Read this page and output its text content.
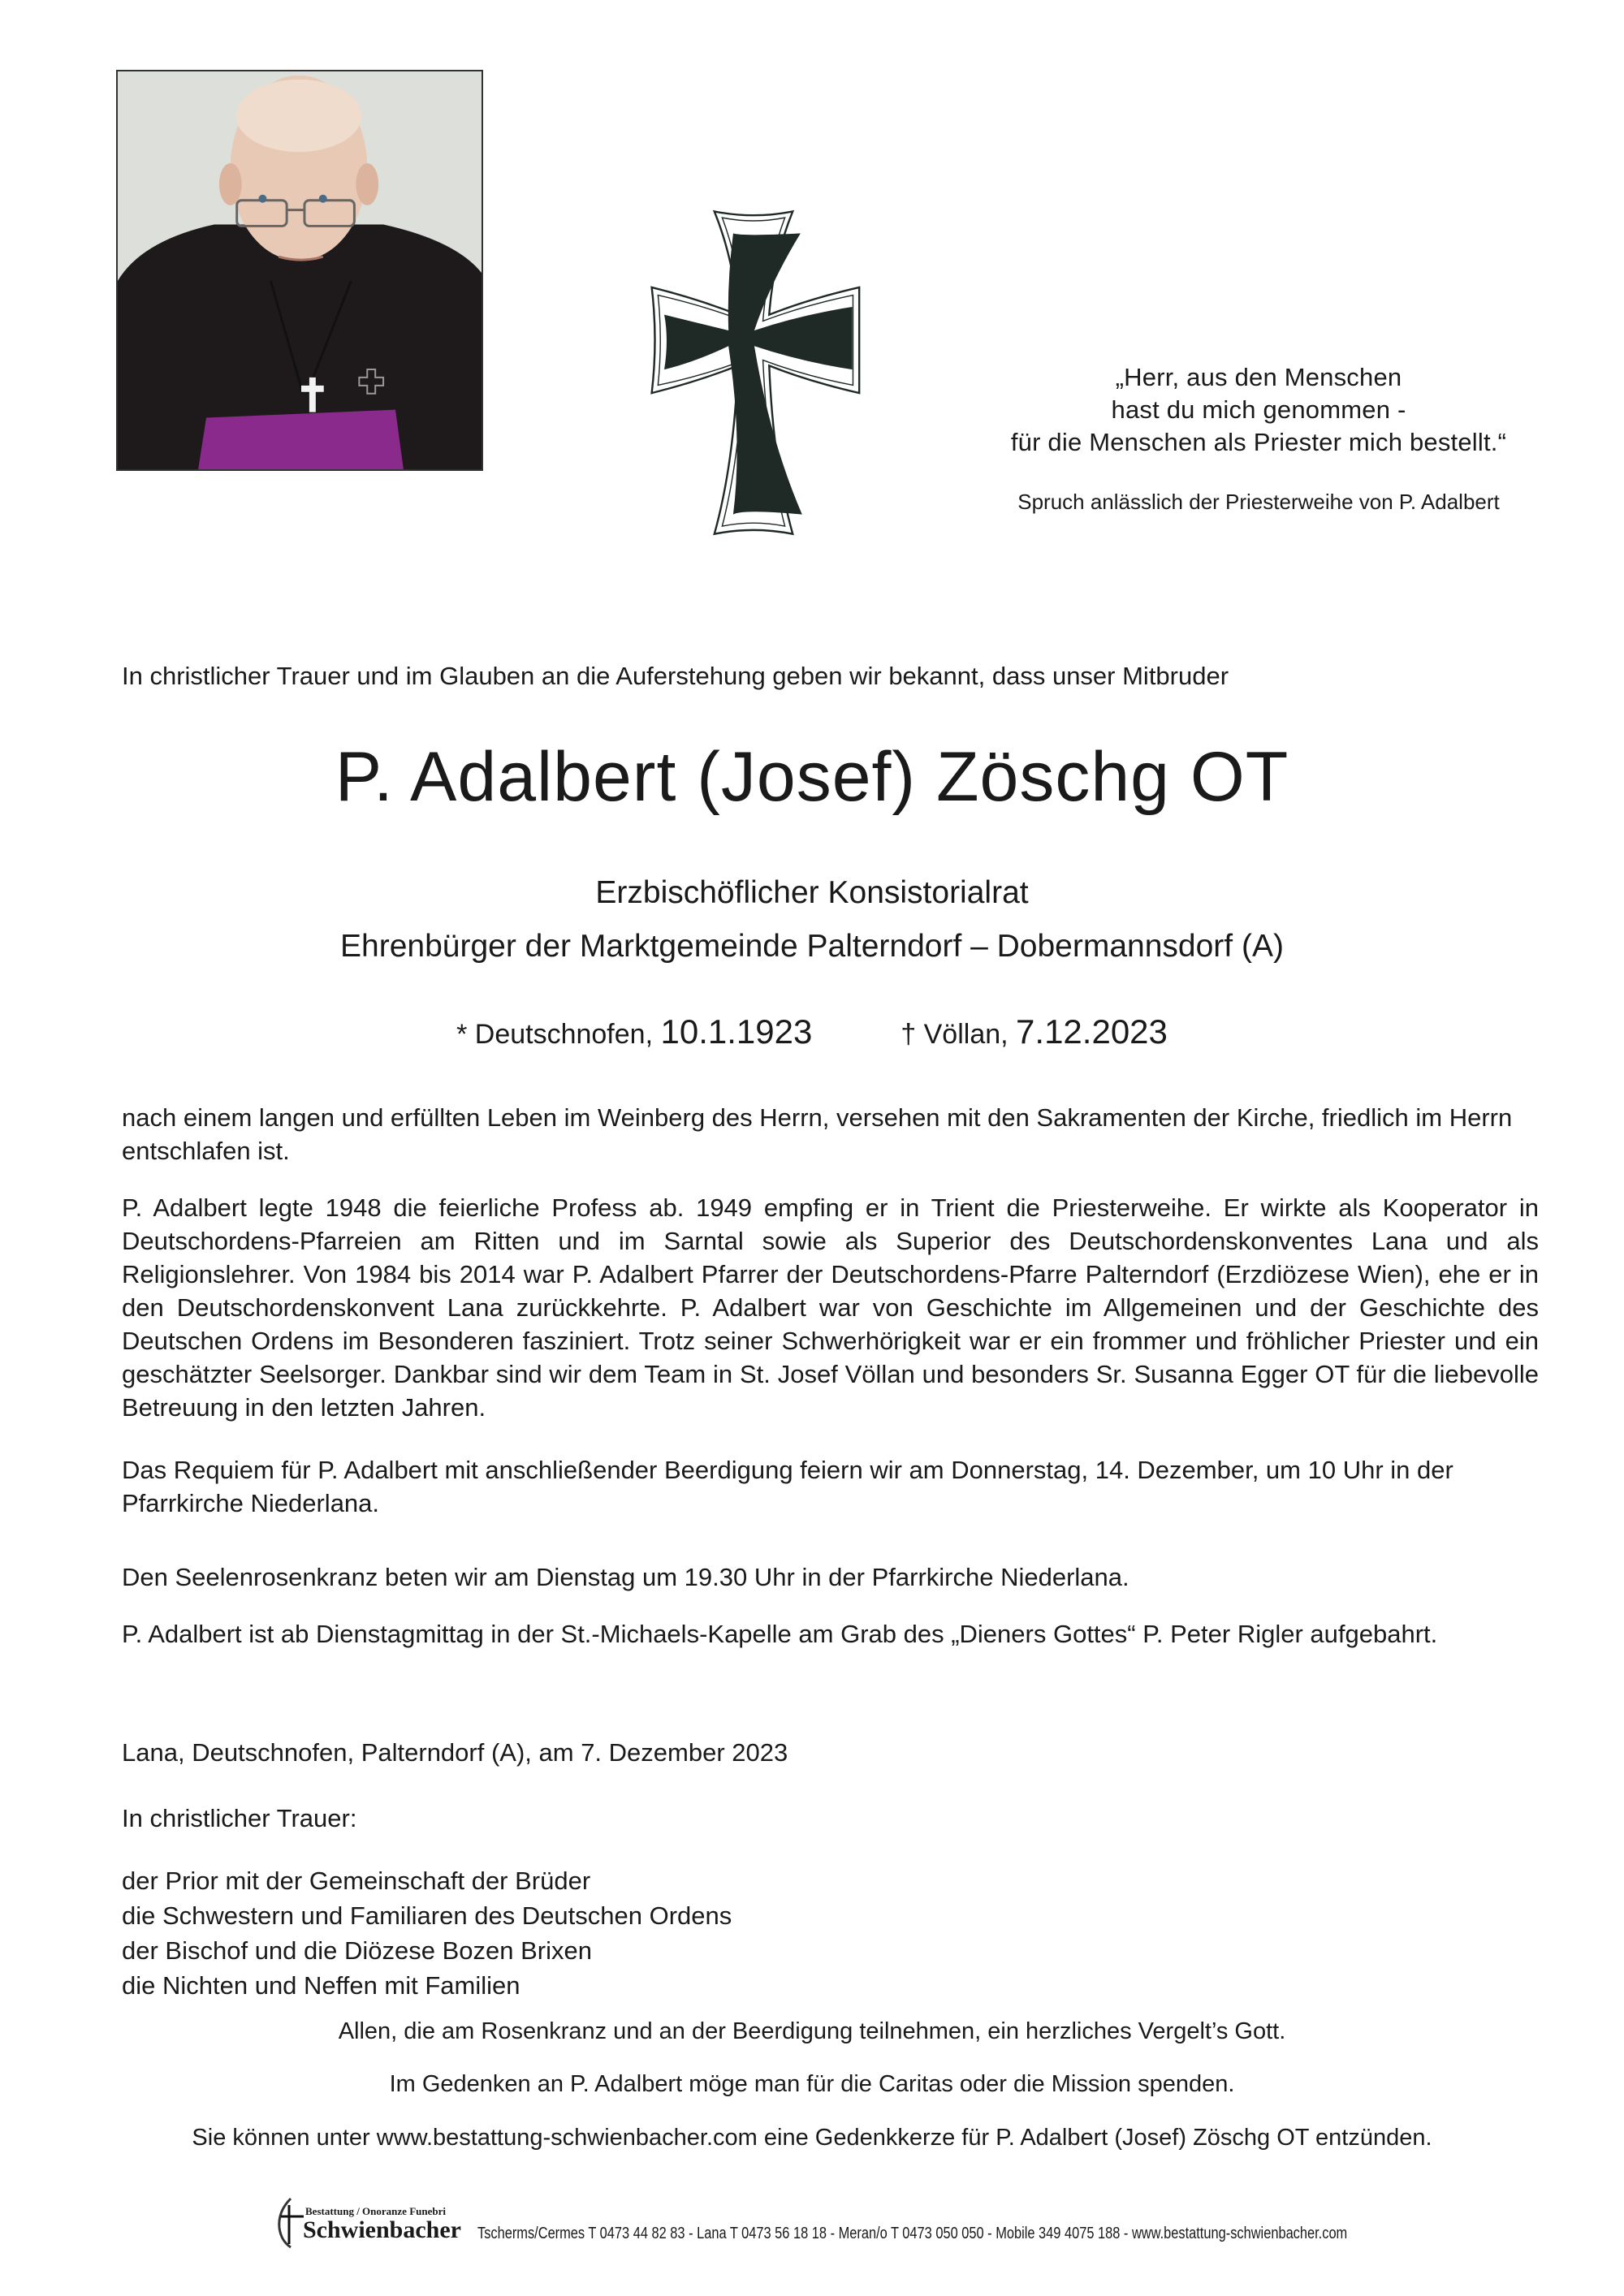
„Herr, aus den Menschen
hast du mich genommen -
für die Menschen als Priester mich bestellt.“
Spruch anlässlich der Priesterweihe von P. Adalbert
In christlicher Trauer und im Glauben an die Auferstehung geben wir bekannt, dass unser Mitbruder
P. Adalbert (Josef) Zöschg OT
Erzbischöflicher Konsistorialrat
Ehrenbürger der Marktgemeinde Palterndorf – Dobermannsdorf (A)
* Deutschnofen, 10.1.1923	† Völlan, 7.12.2023
nach einem langen und erfüllten Leben im Weinberg des Herrn, versehen mit den Sakramenten der Kirche, friedlich im Herrn entschlafen ist.
P. Adalbert legte 1948 die feierliche Profess ab. 1949 empfing er in Trient die Priesterweihe. Er wirkte als Kooperator in Deutschordens-Pfarreien am Ritten und im Sarntal sowie als Superior des Deutschordenskonventes Lana und als Religionslehrer. Von 1984 bis 2014 war P. Adalbert Pfarrer der Deutschordens-Pfarre Palterndorf (Erzdiözese Wien), ehe er in den Deutschordenskonvent Lana zurückkehrte. P. Adalbert war von Geschichte im Allgemeinen und der Geschichte des Deutschen Ordens im Besonderen fasziniert. Trotz seiner Schwerhörigkeit war er ein frommer und fröhlicher Priester und ein geschätzter Seelsorger. Dankbar sind wir dem Team in St. Josef Völlan und besonders Sr. Susanna Egger OT für die liebevolle Betreuung in den letzten Jahren.
Das Requiem für P. Adalbert mit anschließender Beerdigung feiern wir am Donnerstag, 14. Dezember, um 10 Uhr in der Pfarrkirche Niederlana.
Den Seelenrosenkranz beten wir am Dienstag um 19.30 Uhr in der Pfarrkirche Niederlana.
P. Adalbert ist ab Dienstagmittag in der St.-Michaels-Kapelle am Grab des „Dieners Gottes“ P. Peter Rigler aufgebahrt.
Lana, Deutschnofen, Palterndorf (A), am 7. Dezember 2023
In christlicher Trauer:
der Prior mit der Gemeinschaft der Brüder
die Schwestern und Familiaren des Deutschen Ordens
der Bischof und die Diözese Bozen Brixen
die Nichten und Neffen mit Familien
Allen, die am Rosenkranz und an der Beerdigung teilnehmen, ein herzliches Vergelt’s Gott.
Im Gedenken an P. Adalbert möge man für die Caritas oder die Mission spenden.
Sie können unter www.bestattung-schwienbacher.com eine Gedenkkerze für P. Adalbert (Josef) Zöschg OT entzünden.
Bestattung / Onoranze Funebri
Schwienbacher Tscherms/Cermes T 0473 44 82 83 - Lana T 0473 56 18 18 - Meran/o T 0473 050 050 - Mobile 349 4075 188 - www.bestattung-schwienbacher.com
